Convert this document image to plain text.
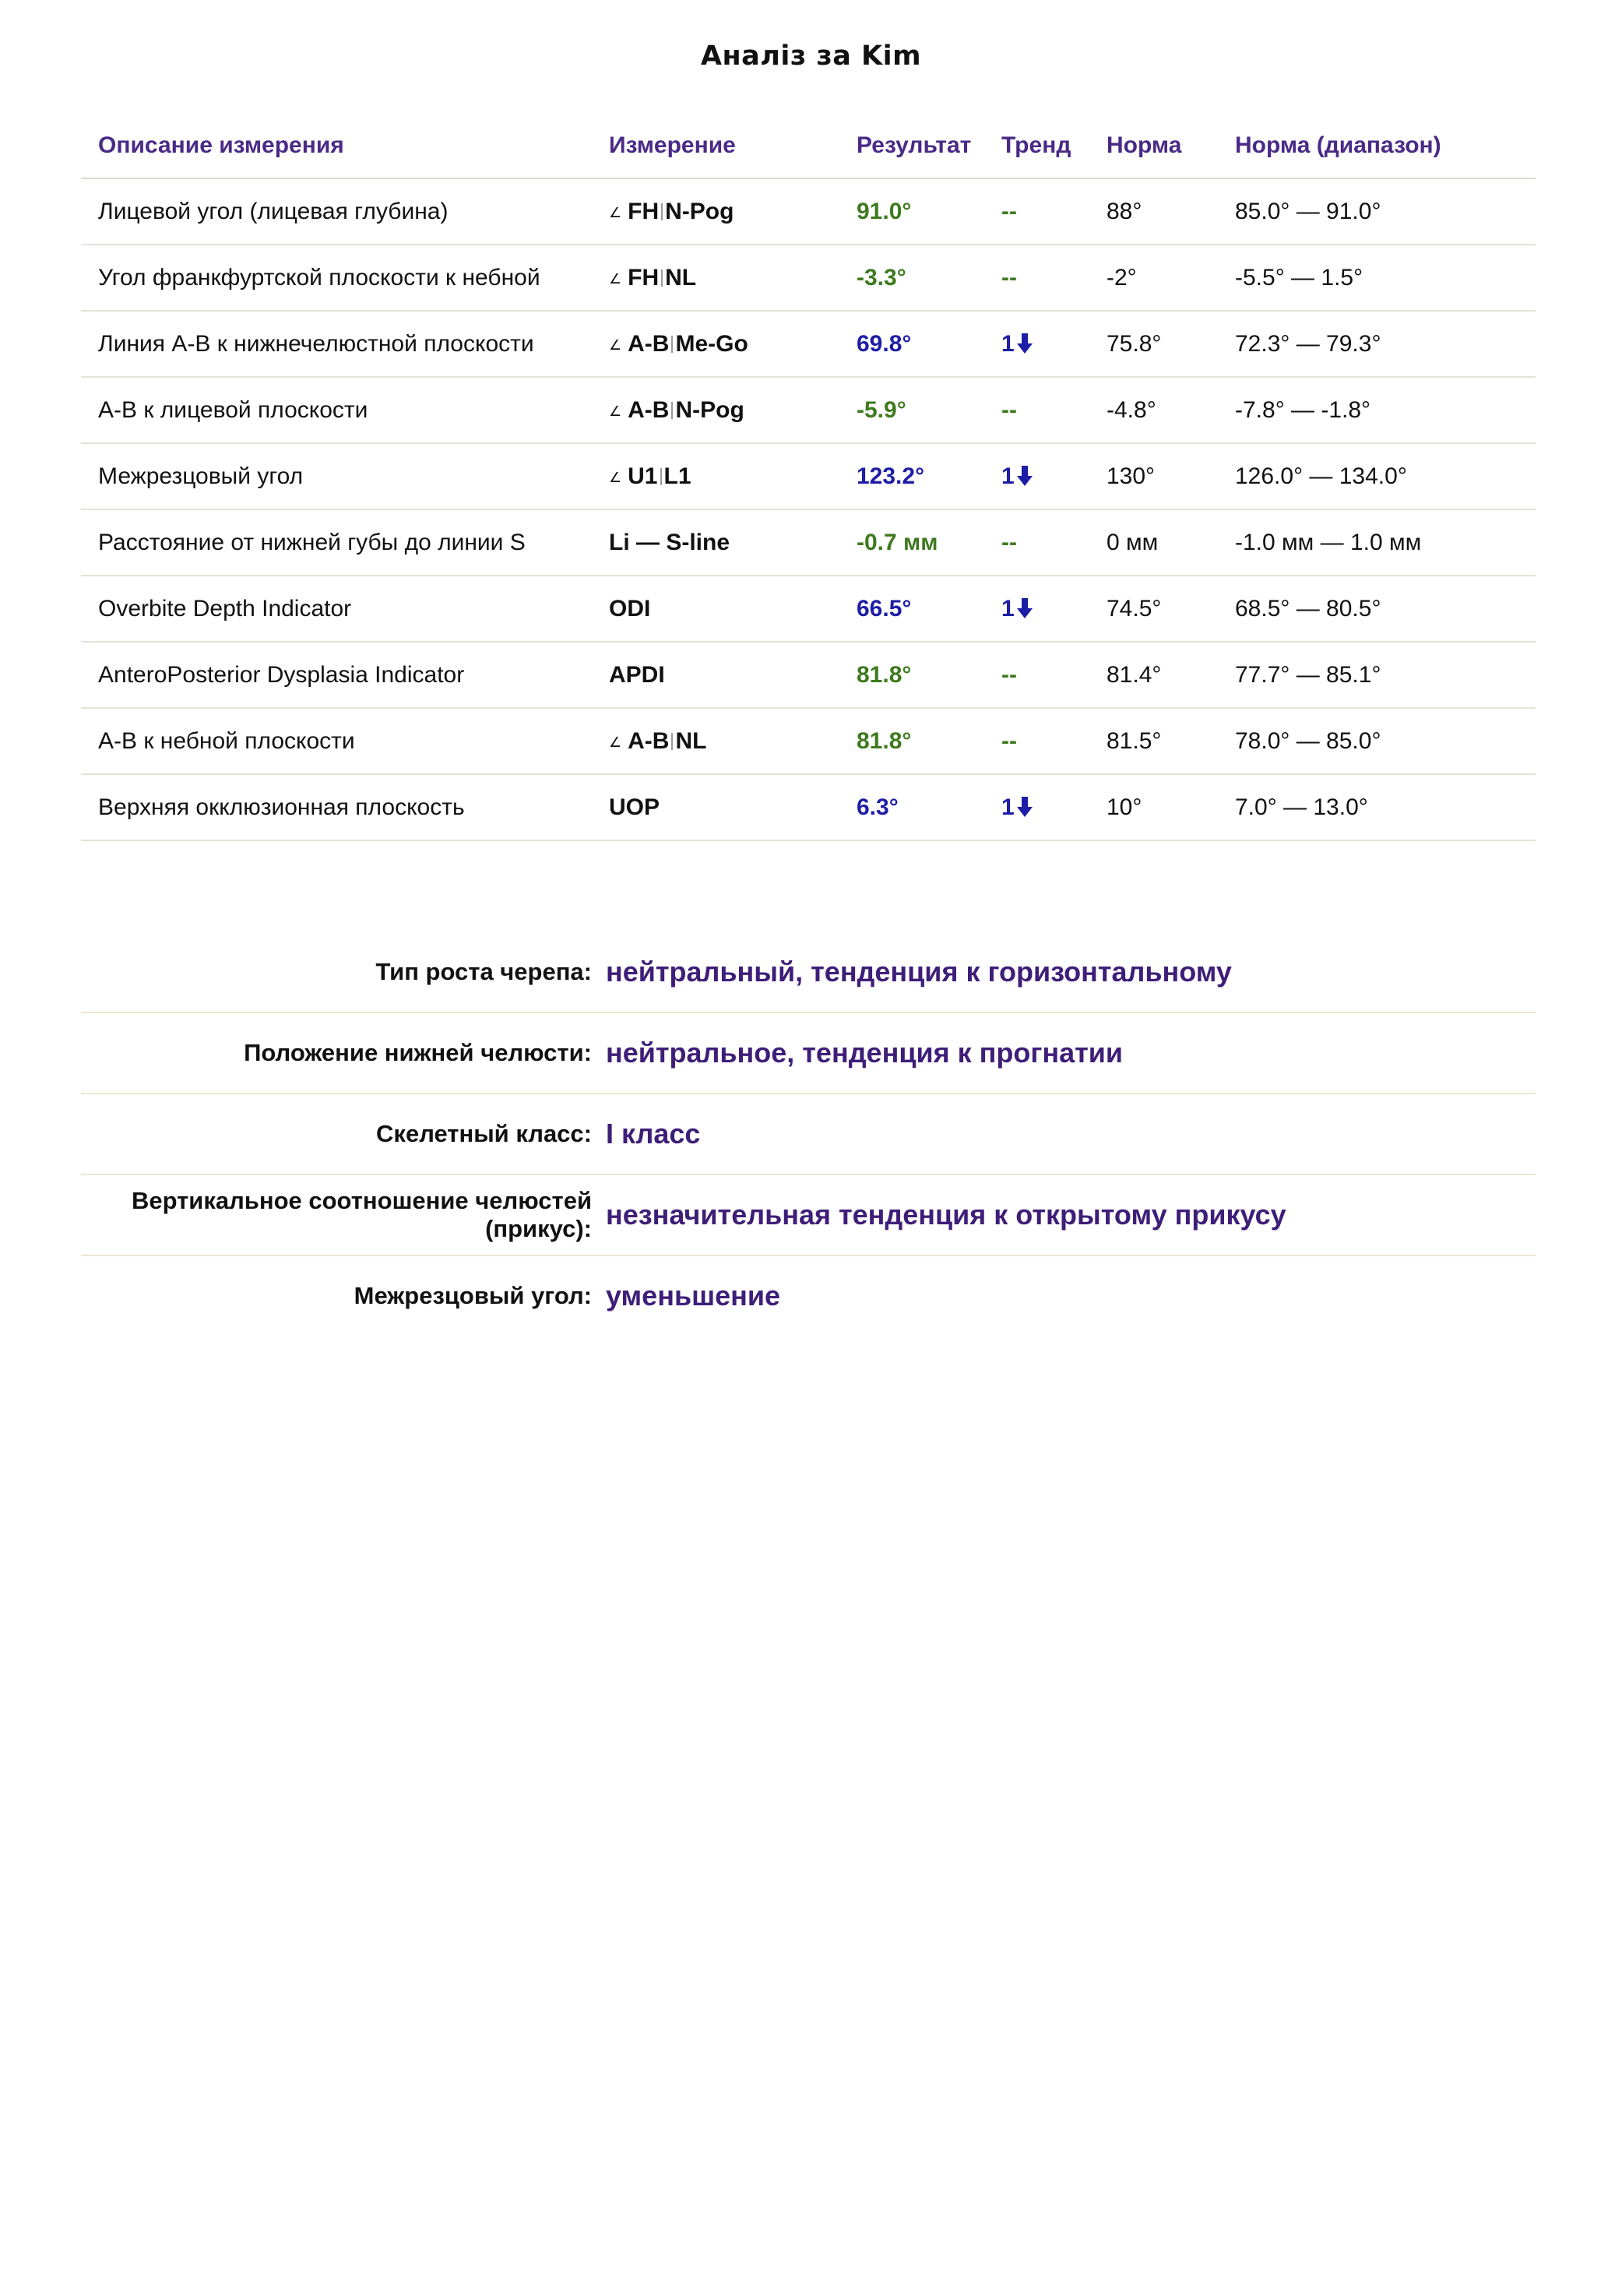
Аналіз за Kim
Описание измерения	Измерение	Результат	Тренд	Норма	Норма (диапазон)
Лицевой угол (лицевая глубина)	∠ FH N-Pog	91.0°	--	88°	85.0° — 91.0°
Угол франкфуртской плоскости к небной	∠ FH NL	-3.3°	--	-2°	-5.5° — 1.5°
Линия A-B к нижнечелюстной плоскости	∠ A-B Me-Go	69.8°	1	75.8°	72.3° — 79.3°
A-B к лицевой плоскости	∠ A-B N-Pog	-5.9°	--	-4.8°	-7.8° — -1.8°
Межрезцовый угол	∠ U1 L1	123.2°	1	130°	126.0° — 134.0°
Расстояние от нижней губы до линии S	Li — S-line	-0.7 мм	--	0 мм	-1.0 мм — 1.0 мм
Overbite Depth Indicator	ODI	66.5°	1	74.5°	68.5° — 80.5°
AnteroPosterior Dysplasia Indicator	APDI	81.8°	--	81.4°	77.7° — 85.1°
A-B к небной плоскости	∠ A-B NL	81.8°	--	81.5°	78.0° — 85.0°
Верхняя окклюзионная плоскость	UOP	6.3°	1	10°	7.0° — 13.0°
Тип роста черепа: нейтральный, тенденция к горизонтальному
Положение нижней челюсти: нейтральное, тенденция к прогнатии
Скелетный класс: I класс
Вертикальное соотношение челюстей (прикус): незначительная тенденция к открытому прикусу
Межрезцовый угол: уменьшение
